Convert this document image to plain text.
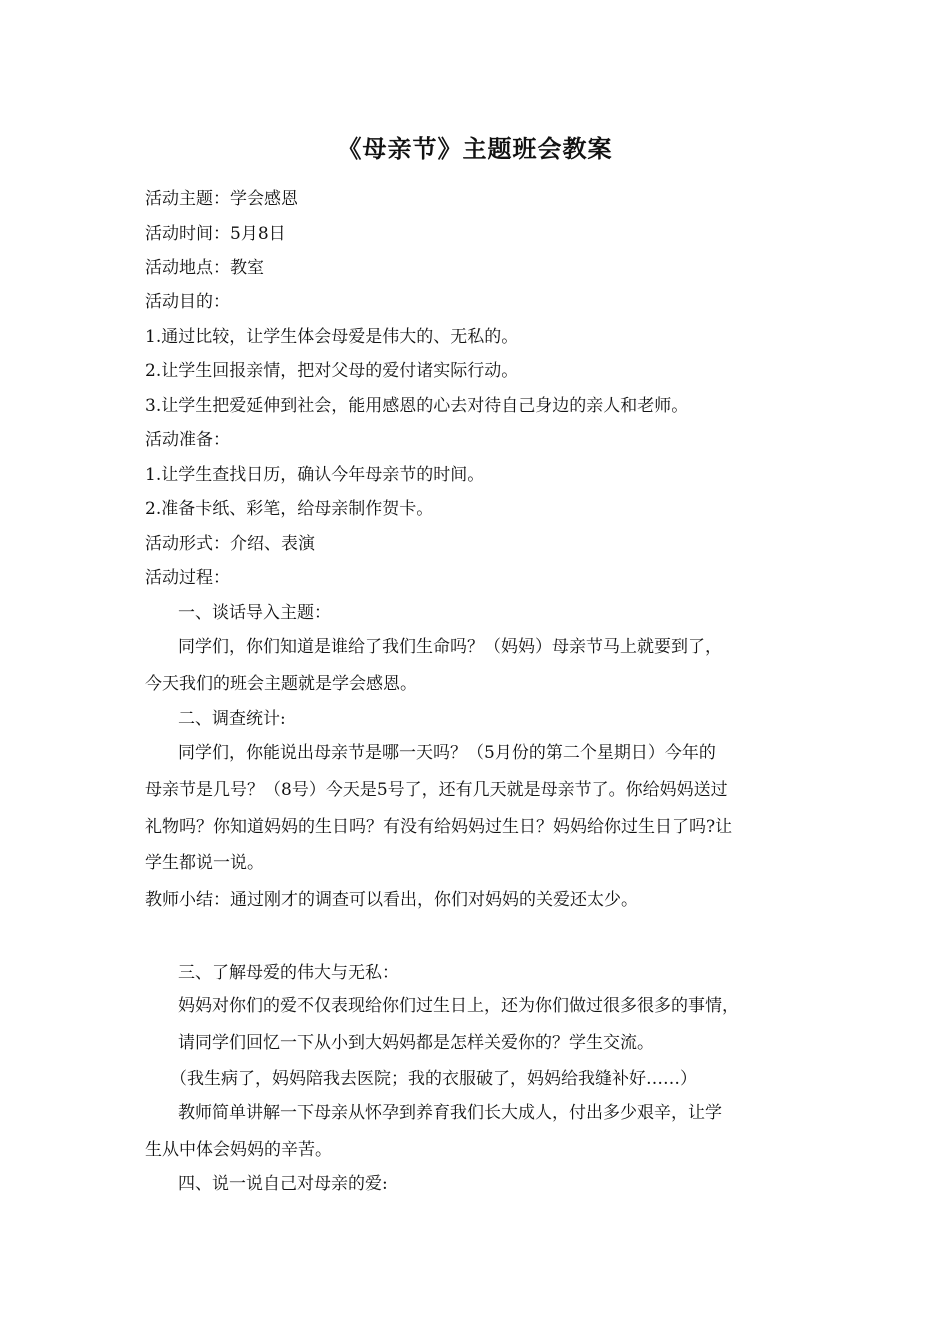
《母亲节》主题班会教案
活动主题：学会感恩
活动时间：5月8日
活动地点：教室
活动目的：
1.通过比较，让学生体会母爱是伟大的、无私的。
2.让学生回报亲情，把对父母的爱付诸实际行动。
3.让学生把爱延伸到社会，能用感恩的心去对待自己身边的亲人和老师。
活动准备：
1.让学生查找日历，确认今年母亲节的时间。
2.准备卡纸、彩笔，给母亲制作贺卡。
活动形式：介绍、表演
活动过程：
一、谈话导入主题：
同学们，你们知道是谁给了我们生命吗？（妈妈）母亲节马上就要到了，
今天我们的班会主题就是学会感恩。
二、调查统计:
同学们，你能说出母亲节是哪一天吗？（5月份的第二个星期日）今年的
母亲节是几号？（8号）今天是5号了，还有几天就是母亲节了。你给妈妈送过
礼物吗？你知道妈妈的生日吗？有没有给妈妈过生日？妈妈给你过生日了吗?让
学生都说一说。
教师小结：通过刚才的调查可以看出，你们对妈妈的关爱还太少。
三、了解母爱的伟大与无私：
妈妈对你们的爱不仅表现给你们过生日上，还为你们做过很多很多的事情，
请同学们回忆一下从小到大妈妈都是怎样关爱你的？学生交流。
（我生病了，妈妈陪我去医院；我的衣服破了，妈妈给我缝补好……）
教师简单讲解一下母亲从怀孕到养育我们长大成人，付出多少艰辛，让学
生从中体会妈妈的辛苦。
四、说一说自己对母亲的爱:
